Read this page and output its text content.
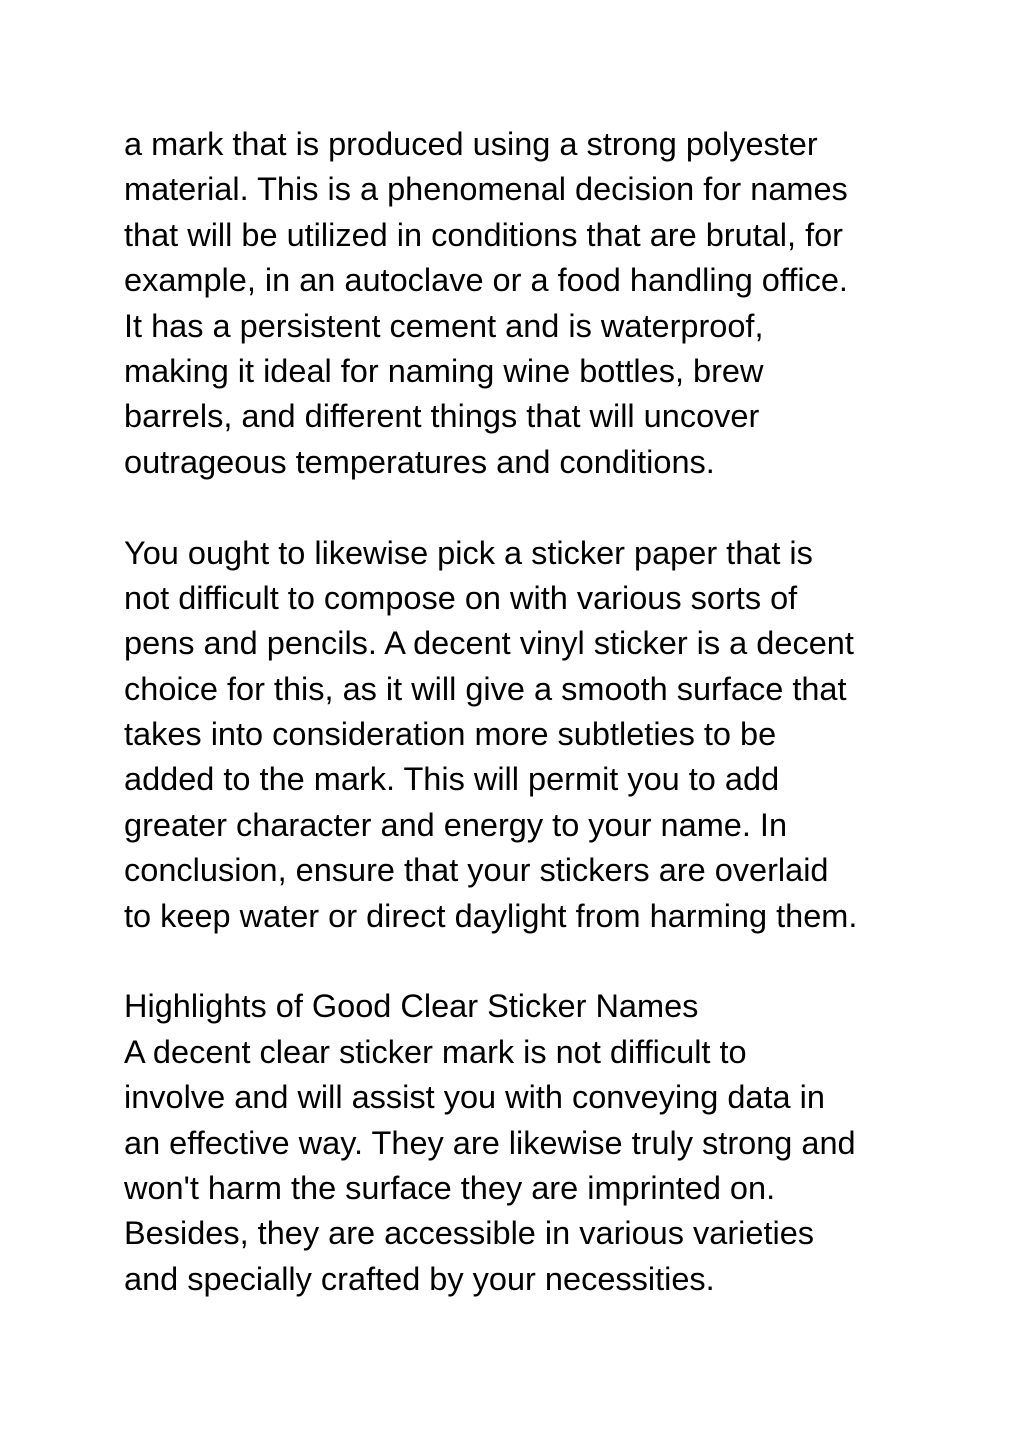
a mark that is produced using a strong polyester
material. This is a phenomenal decision for names
that will be utilized in conditions that are brutal, for
example, in an autoclave or a food handling office.
It has a persistent cement and is waterproof,
making it ideal for naming wine bottles, brew
barrels, and different things that will uncover
outrageous temperatures and conditions.
You ought to likewise pick a sticker paper that is
not difficult to compose on with various sorts of
pens and pencils. A decent vinyl sticker is a decent
choice for this, as it will give a smooth surface that
takes into consideration more subtleties to be
added to the mark. This will permit you to add
greater character and energy to your name. In
conclusion, ensure that your stickers are overlaid
to keep water or direct daylight from harming them.
Highlights of Good Clear Sticker Names
A decent clear sticker mark is not difficult to
involve and will assist you with conveying data in
an effective way. They are likewise truly strong and
won't harm the surface they are imprinted on.
Besides, they are accessible in various varieties
and specially crafted by your necessities.
